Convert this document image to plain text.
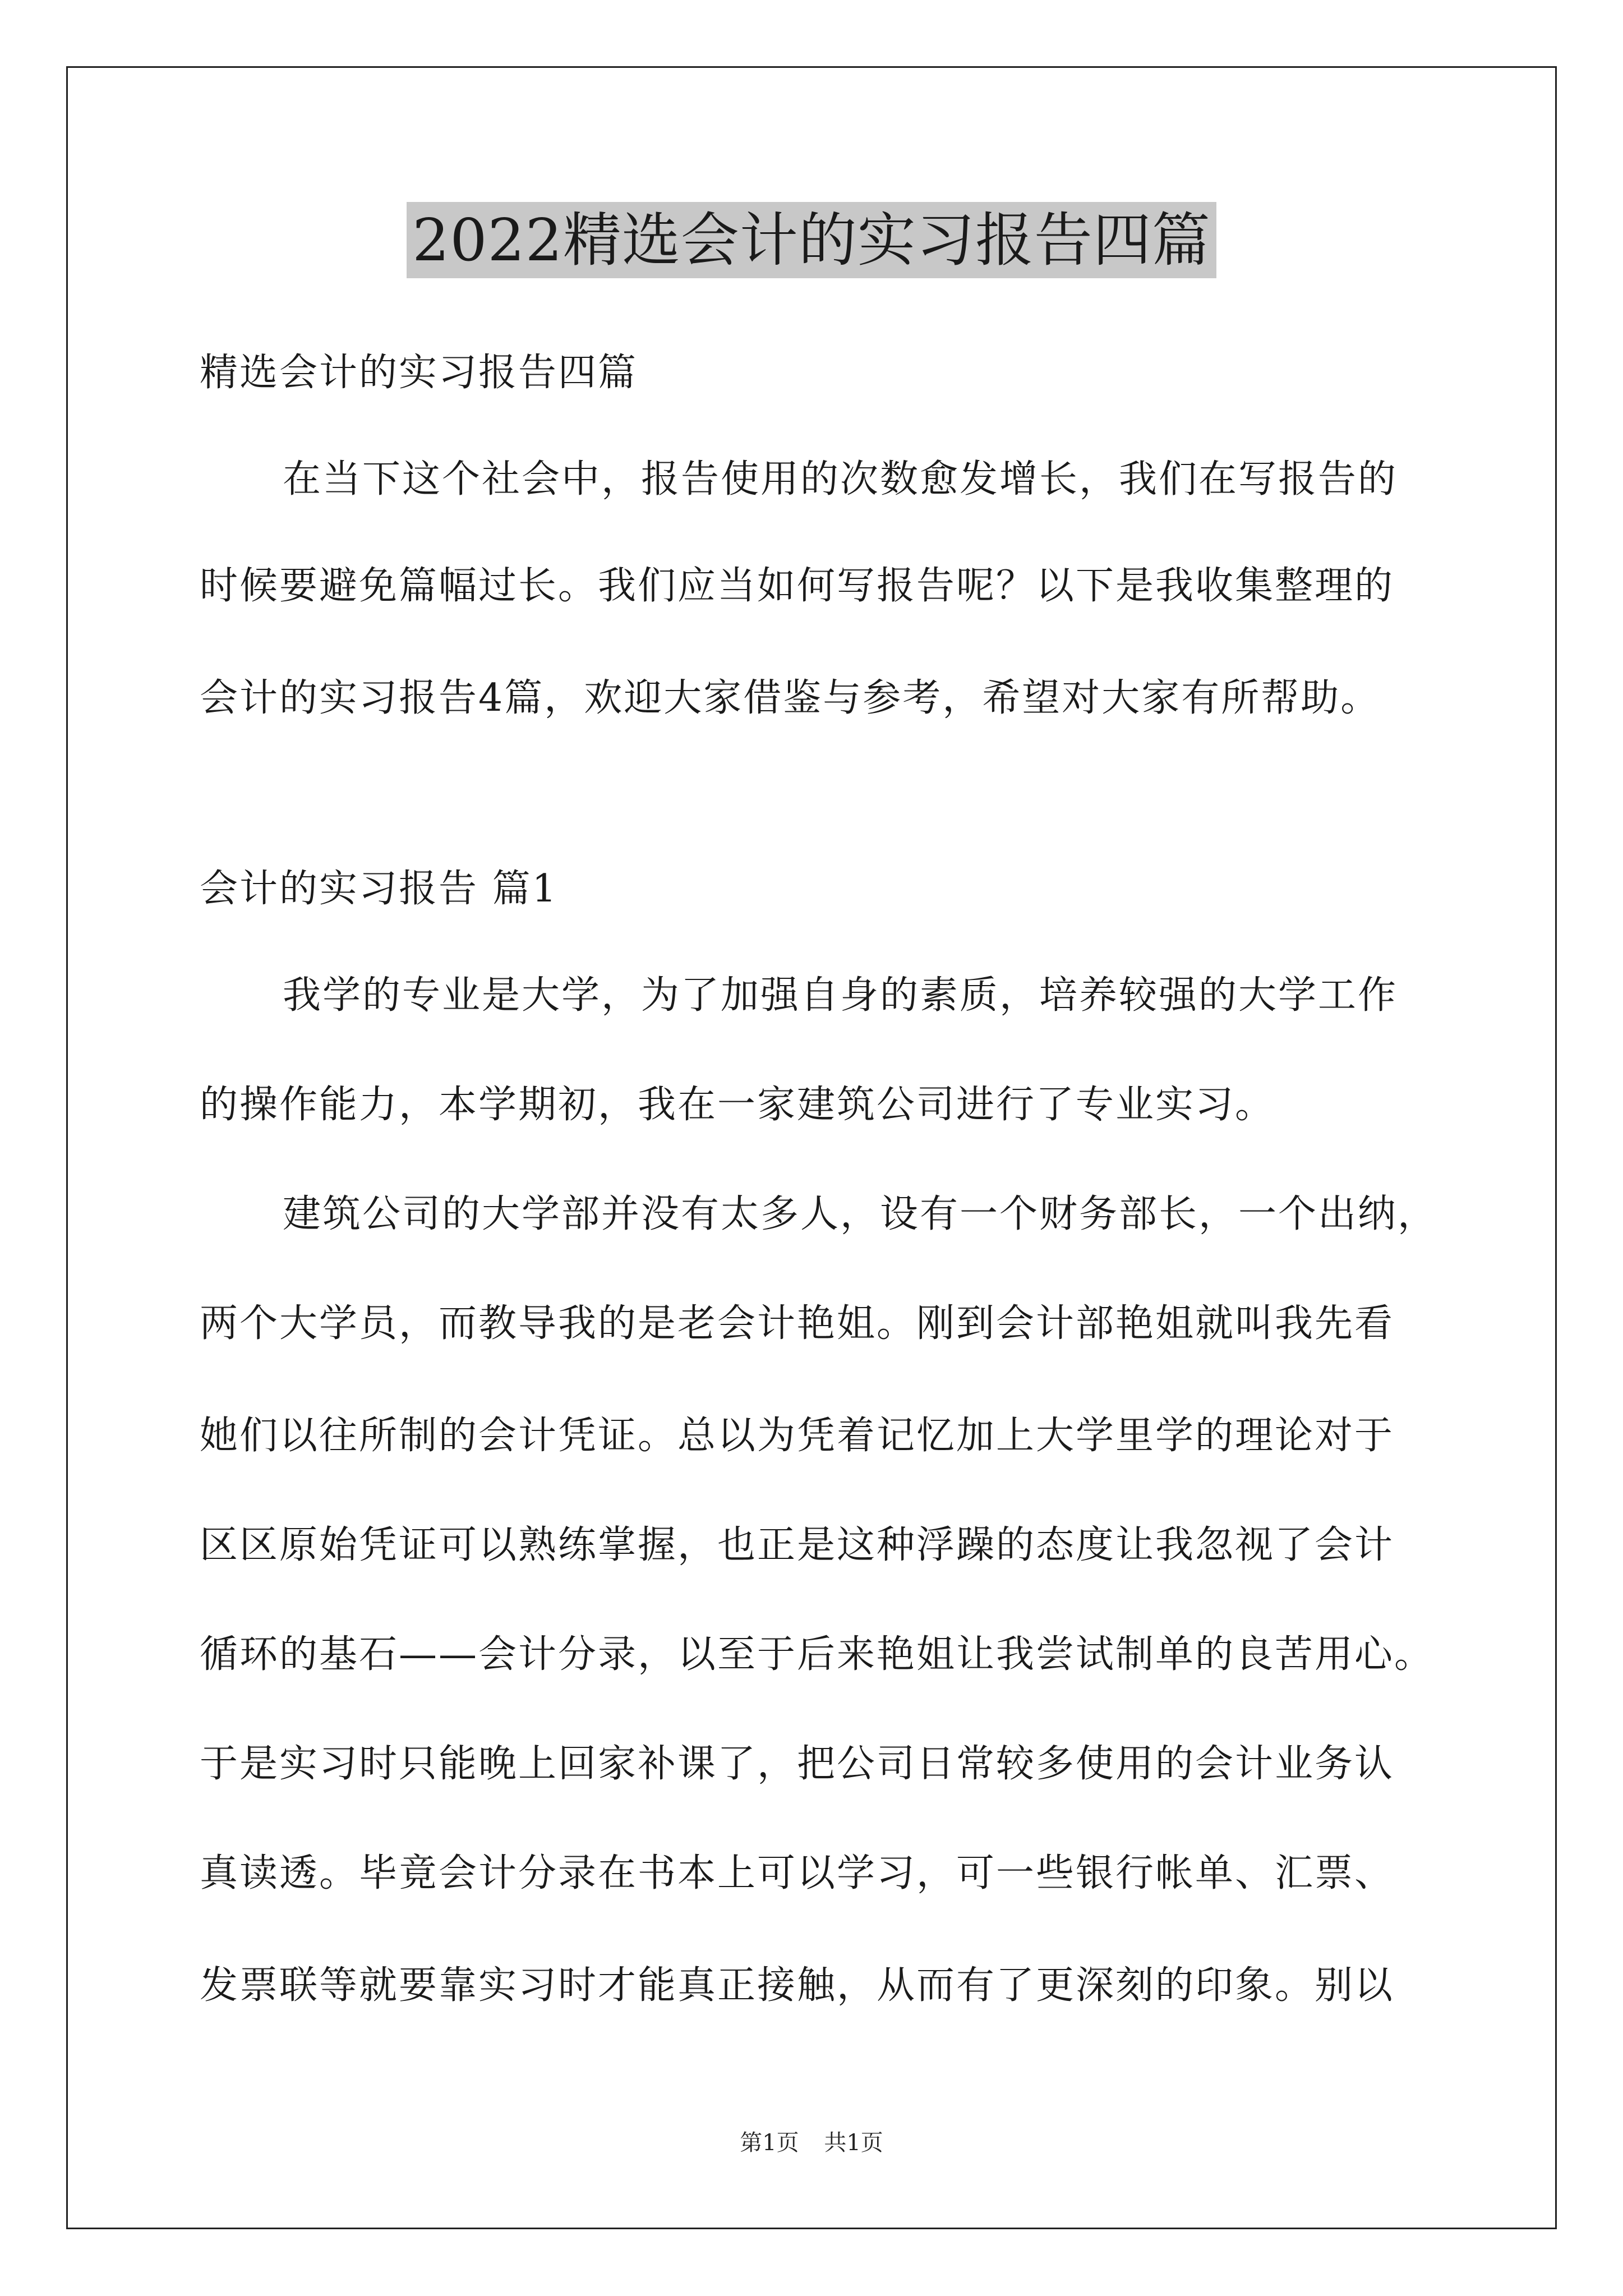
2022精选会计的实习报告四篇
精选会计的实习报告四篇
在当下这个社会中，报告使用的次数愈发增长，我们在写报告的
时候要避免篇幅过长。我们应当如何写报告呢？以下是我收集整理的
会计的实习报告4篇，欢迎大家借鉴与参考，希望对大家有所帮助。
会计的实习报告 篇1
我学的专业是大学，为了加强自身的素质，培养较强的大学工作
的操作能力，本学期初，我在一家建筑公司进行了专业实习。
建筑公司的大学部并没有太多人，设有一个财务部长，一个出纳，
两个大学员，而教导我的是老会计艳姐。刚到会计部艳姐就叫我先看
她们以往所制的会计凭证。总以为凭着记忆加上大学里学的理论对于
区区原始凭证可以熟练掌握，也正是这种浮躁的态度让我忽视了会计
循环的基石——会计分录，以至于后来艳姐让我尝试制单的良苦用心。
于是实习时只能晚上回家补课了，把公司日常较多使用的会计业务认
真读透。毕竟会计分录在书本上可以学习，可一些银行帐单、汇票、
发票联等就要靠实习时才能真正接触，从而有了更深刻的印象。别以
第1页 共1页
